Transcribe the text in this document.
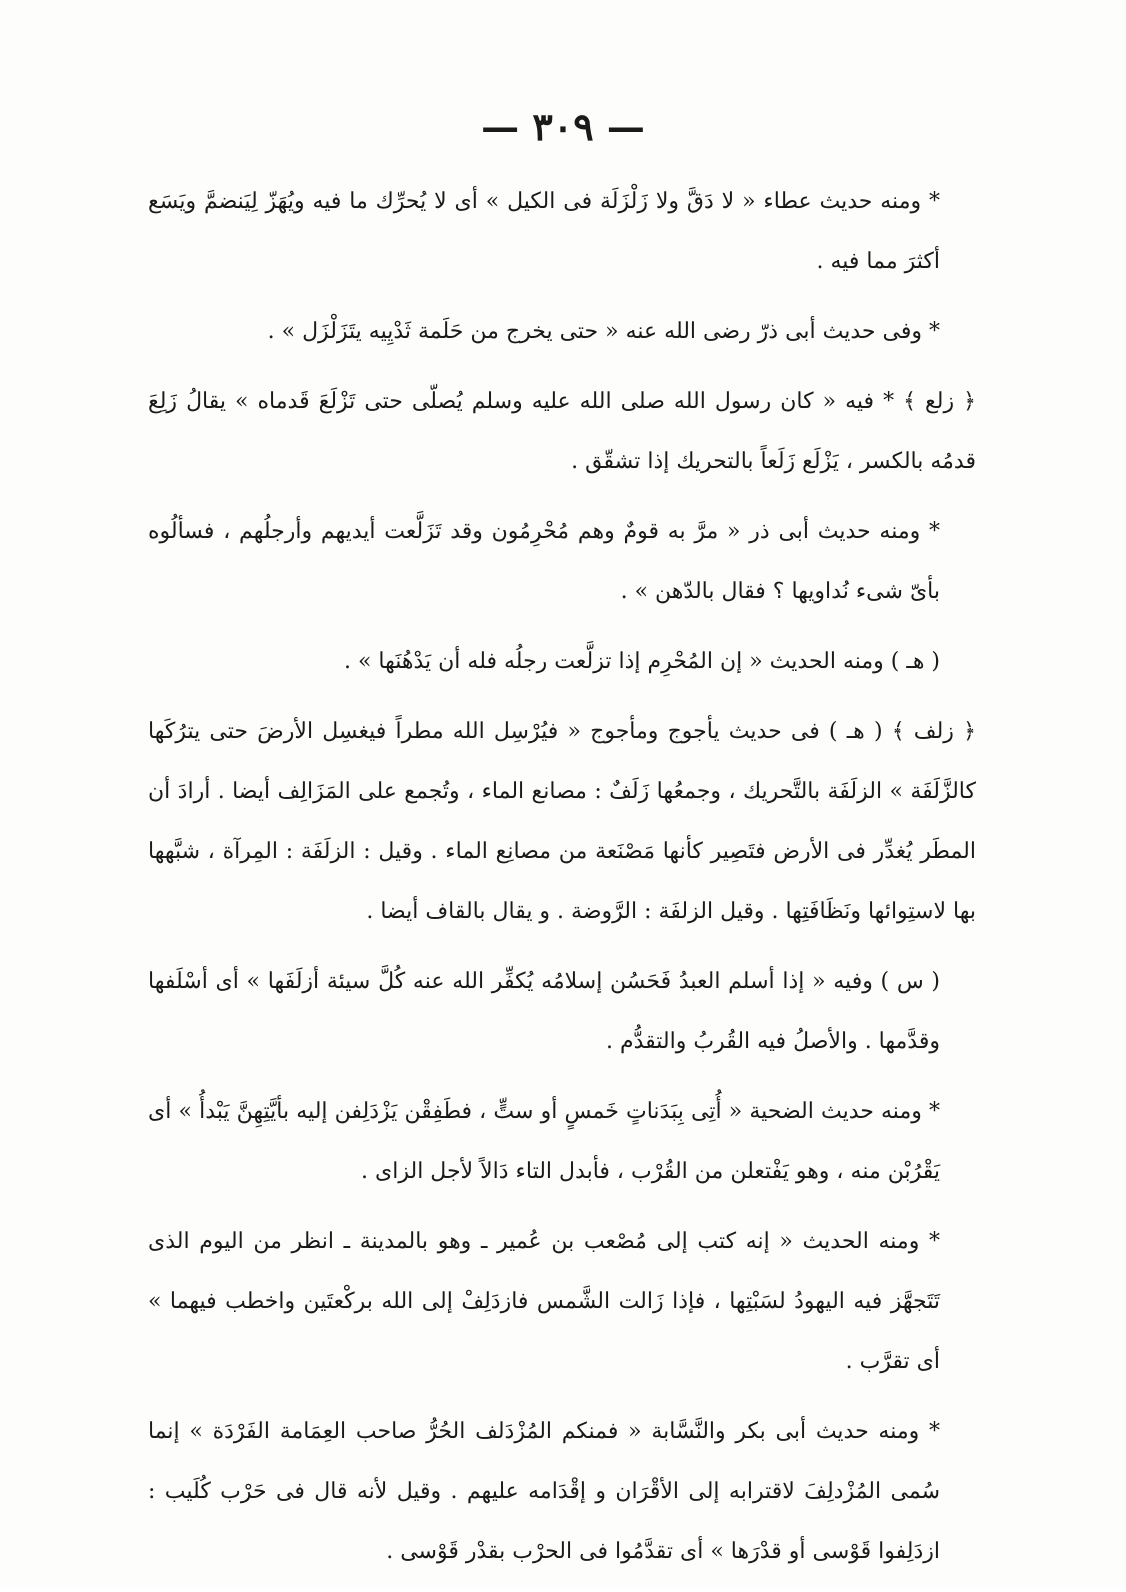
— ٣٠٩ —

* ومنه حديث عطاء « لا دَقَّ ولا زَلْزَلَة فى الكيل » أى لا يُحرِّك ما فيه ويُهَزّ لِيَنضمَّ ويَسَع أكثرَ مما فيه .

* وفى حديث أبى ذرّ رضى الله عنه « حتى يخرج من حَلَمة ثَدْيِيه يتَزَلْزَل » .

﴿ زلع ﴾ * فيه « كان رسول الله صلى الله عليه وسلم يُصلّى حتى تَزْلَعَ قَدماه » يقالُ زَلِعَ قدمُه بالكسر ، يَزْلَع زَلَعاً بالتحريك إذا تشقّق .

* ومنه حديث أبى ذر « مرَّ به قومٌ وهم مُحْرِمُون وقد تَزَلَّعت أيديهم وأرجلُهم ، فسألُوه بأىّ شىء نُداويها ؟ فقال بالدّهن » .

( هـ ) ومنه الحديث « إن المُحْرِم إذا تزلَّعت رجلُه فله أن يَدْهُنَها » .

﴿ زلف ﴾ ( هـ ) فى حديث يأجوج ومأجوج « فيُرْسِل الله مطراً فيغسِل الأرضَ حتى يترُكَها كالزَّلَفَة » الزلَفَة بالتَّحريك ، وجمعُها زَلَفٌ : مصانع الماء ، وتُجمع على المَزَالِف أيضا . أرادَ أن المطَر يُغدِّر فى الأرض فتَصِير كأنها مَصْنَعة من مصانِع الماء . وقيل : الزلَفَة : المِرآة ، شبَّهها بها لاستِوائها ونَظَافَتِها . وقيل الزلفَة : الرَّوضة . و يقال بالقاف أيضا .

( س ) وفيه « إذا أسلم العبدُ فَحَسُن إسلامُه يُكفِّر الله عنه كُلَّ سيئة أزلَفَها » أى أسْلَفها وقدَّمها . والأصلُ فيه القُربُ والتقدُّم .

* ومنه حديث الضحية « أُتِى بِبَدَناتٍ خَمسٍ أو ستٍّ ، فطَفِقْن يَزْدَلِفن إليه بأيَّتِهِنَّ يَبْدأُ » أى يَقْرُبْن منه ، وهو يَفْتعلن من القُرْب ، فأبدل التاء دَالاً لأجل الزاى .

* ومنه الحديث « إنه كتب إلى مُصْعب بن عُمير ـ وهو بالمدينة ـ انظر من اليوم الذى تَتَجهَّز فيه اليهودُ لسَبْتِها ، فإذا زَالت الشَّمس فازدَلِفْ إلى الله بركْعتَين واخطب فيهما » أى تقرَّب .

* ومنه حديث أبى بكر والنَّسَّابة « فمنكم المُزْدَلف الحُرُّ صاحب العِمَامة الفَرْدَة » إنما سُمى المُزْدلِفَ لاقترابه إلى الأقْرَان و إقْدَامه عليهم . وقيل لأنه قال فى حَرْب كُلَيب : ازدَلِفوا قَوْسى أو قدْرَها » أى تقدَّمُوا فى الحرْب بقدْر قَوْسى .
